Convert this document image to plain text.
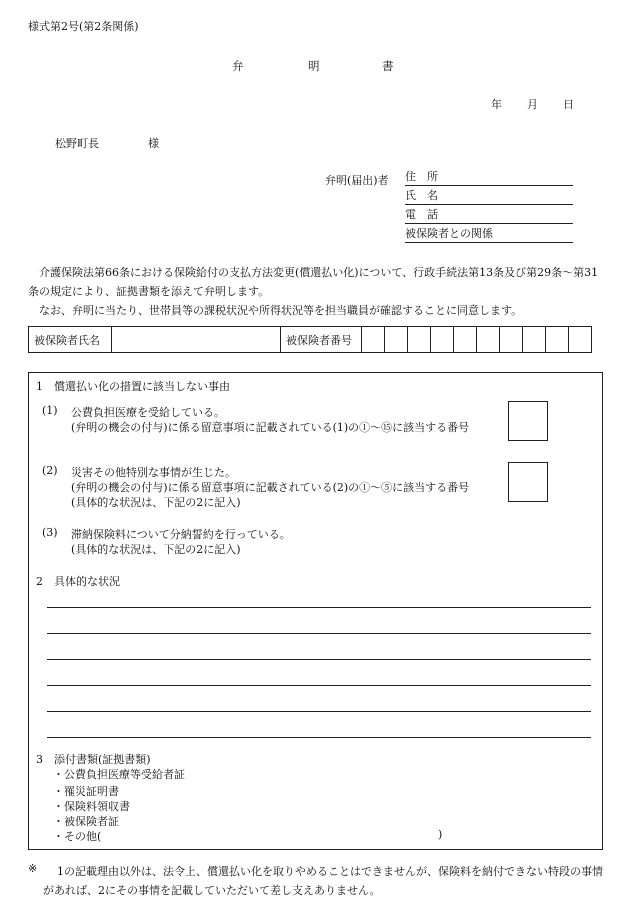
様式第2号(第2条関係)
弁	明	書
年 月 日
松野町長	様
弁明(届出)者 住　所
氏　名
電　話
被保険者との関係
介護保険法第66条における保険給付の支払方法変更(償還払い化)について、行政手続法第13条及び第29条〜第31条の規定により、証拠書類を添えて弁明します。
なお、弁明に当たり、世帯員等の課税状況や所得状況等を担当職員が確認することに同意します。
被保険者氏名		被保険者番号										
1　償還払い化の措置に該当しない事由
(1) 公費負担医療を受給している。
(弁明の機会の付与)に係る留意事項に記載されている(1)の①〜⑮に該当する番号
(2) 災害その他特別な事情が生じた。
(弁明の機会の付与)に係る留意事項に記載されている(2)の①〜⑤に該当する番号
(具体的な状況は、下記の2に記入)
(3) 滞納保険料について分納誓約を行っている。
(具体的な状況は、下記の2に記入)
2　具体的な状況
3　添付書類(証拠書類)
・公費負担医療等受給者証
・罹災証明書
・保険料領収書
・被保険者証
・その他(	)
※	1の記載理由以外は、法令上、償還払い化を取りやめることはできませんが、保険料を納付できない特段の事情があれば、2にその事情を記載していただいて差し支えありません。
